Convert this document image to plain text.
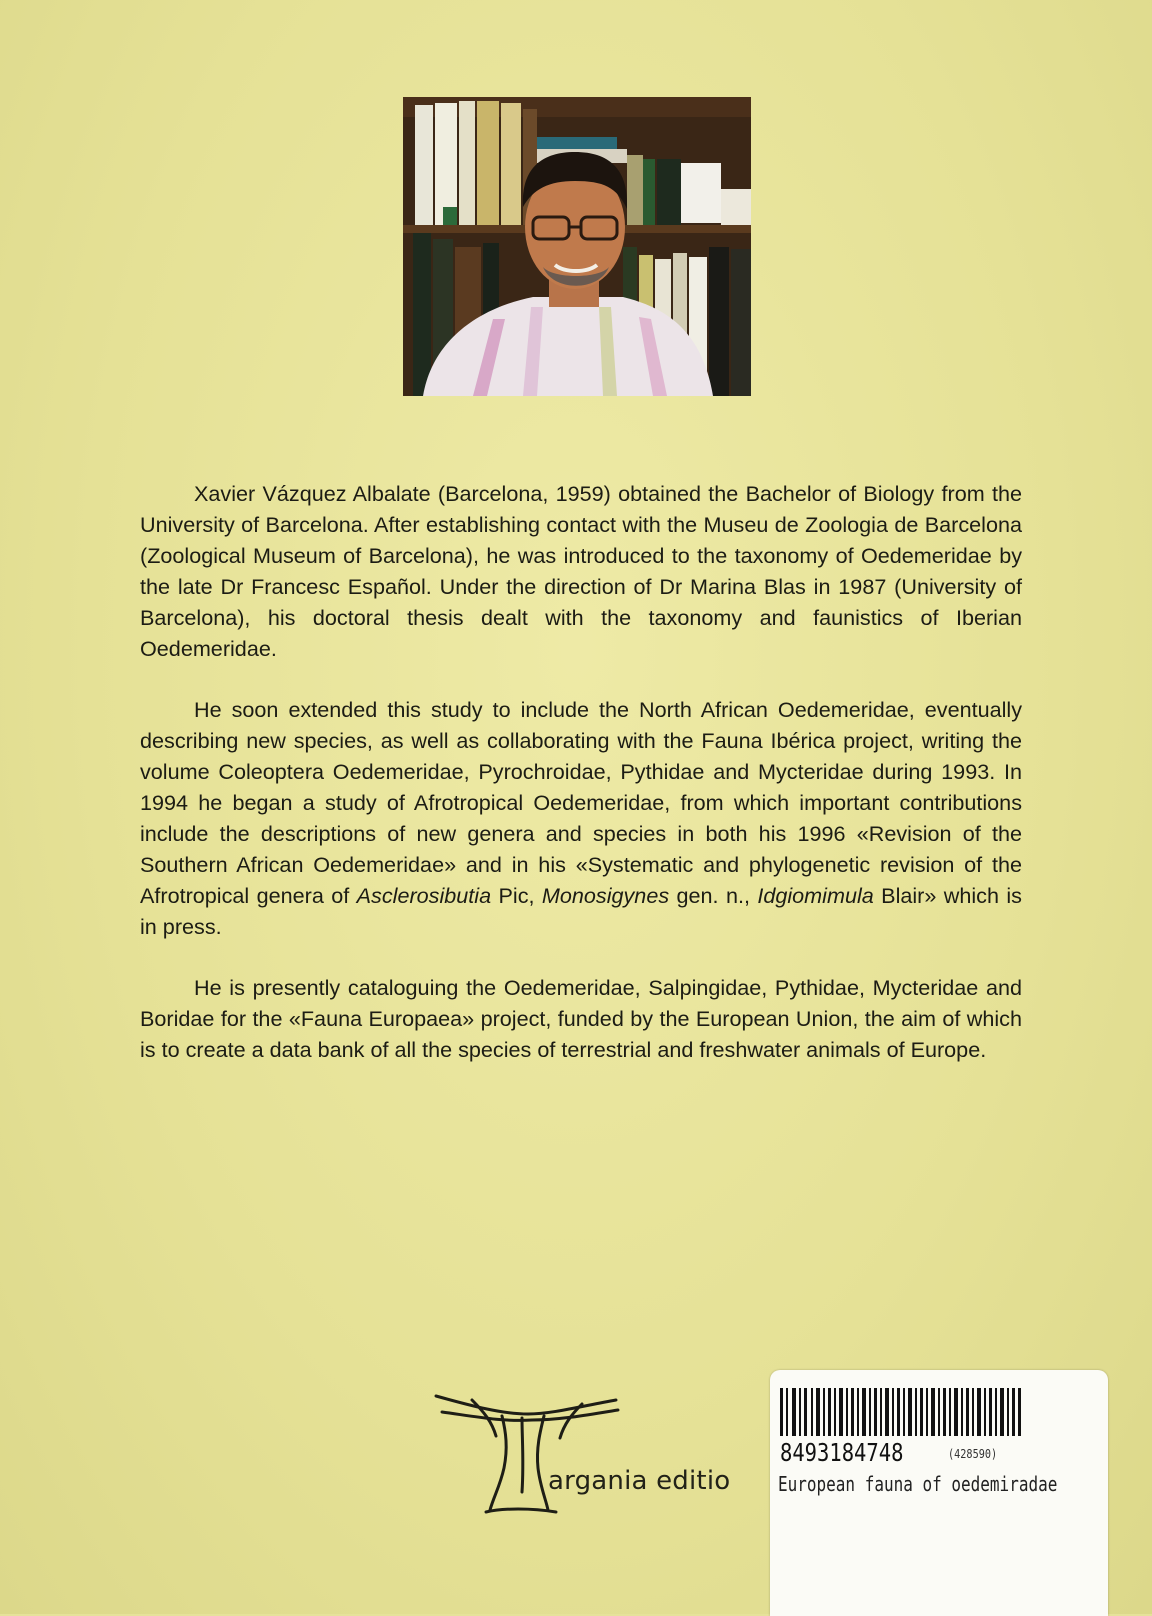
Xavier Vázquez Albalate (Barcelona, 1959) obtained the Bachelor of Biology from the University of Barcelona. After establishing contact with the Museu de Zoologia de Barcelona (Zoological Museum of Barcelona), he was introduced to the taxonomy of Oedemeridae by the late Dr Francesc Español. Under the direction of Dr Marina Blas in 1987 (University of Barcelona), his doctoral thesis dealt with the taxonomy and faunistics of Iberian Oedemeridae.

He soon extended this study to include the North African Oedemeridae, eventually describing new species, as well as collaborating with the Fauna Ibérica project, writing the volume Coleoptera Oedemeridae, Pyrochroidae, Pythidae and Mycteridae during 1993. In 1994 he began a study of Afrotropical Oedemeridae, from which important contributions include the descriptions of new genera and species in both his 1996 «Revision of the Southern African Oedemeridae» and in his «Systematic and phylogenetic revision of the Afrotropical genera of Asclerosibutia Pic, Monosigynes gen. n., Idgiomimula Blair» which is in press.

He is presently cataloguing the Oedemeridae, Salpingidae, Pythidae, Mycteridae and Boridae for the «Fauna Europaea» project, funded by the European Union, the aim of which is to create a data bank of all the species of terrestrial and freshwater animals of Europe.

argania editio
8493184748	(428590)
European fauna of oedemiradae
